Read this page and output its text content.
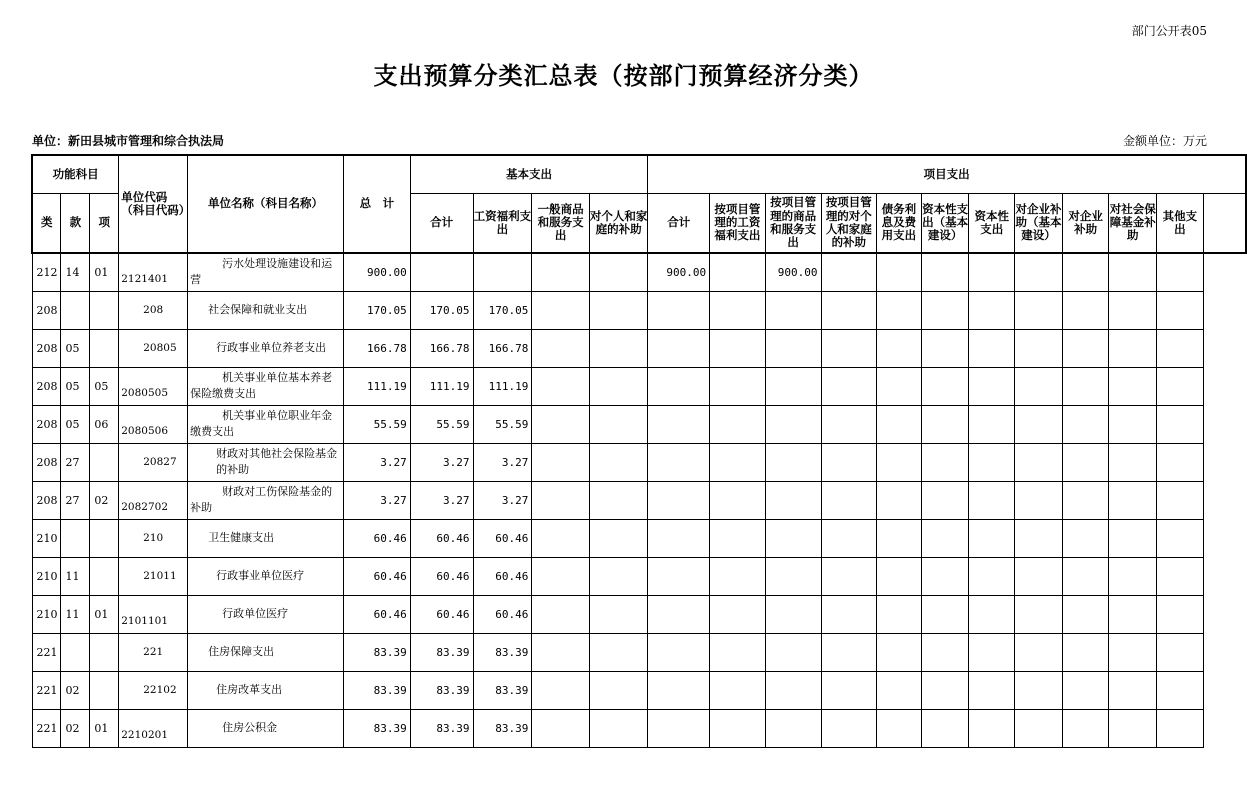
部门公开表05
支出预算分类汇总表（按部门预算经济分类）
单位：新田县城市管理和综合执法局	金额单位：万元
功能科目			单位代码（科目代码）	单位名称（科目名称）	总　计	基本支出				项目支出										
类	款	项				合计	工资福利支出	一般商品和服务支出	对个人和家庭的补助	合计	按项目管理的工资福利支出	按项目管理的商品和服务支出	按项目管理的对个人和家庭的补助	债务利息及费用支出	资本性支出（基本建设）	资本性支出	对企业补助（基本建设）	对企业补助	对社会保障基金补助	其他支出
212	14	01	2121401	污水处理设施建设和运营	900.00					900.00		900.00								
208			208	社会保障和就业支出	170.05	170.05	170.05													
208	05		20805	行政事业单位养老支出	166.78	166.78	166.78													
208	05	05	2080505	机关事业单位基本养老保险缴费支出	111.19	111.19	111.19													
208	05	06	2080506	机关事业单位职业年金缴费支出	55.59	55.59	55.59													
208	27		20827	财政对其他社会保险基金的补助	3.27	3.27	3.27													
208	27	02	2082702	财政对工伤保险基金的补助	3.27	3.27	3.27													
210			210	卫生健康支出	60.46	60.46	60.46													
210	11		21011	行政事业单位医疗	60.46	60.46	60.46													
210	11	01	2101101	行政单位医疗	60.46	60.46	60.46													
221			221	住房保障支出	83.39	83.39	83.39													
221	02		22102	住房改革支出	83.39	83.39	83.39													
221	02	01	2210201	住房公积金	83.39	83.39	83.39													
